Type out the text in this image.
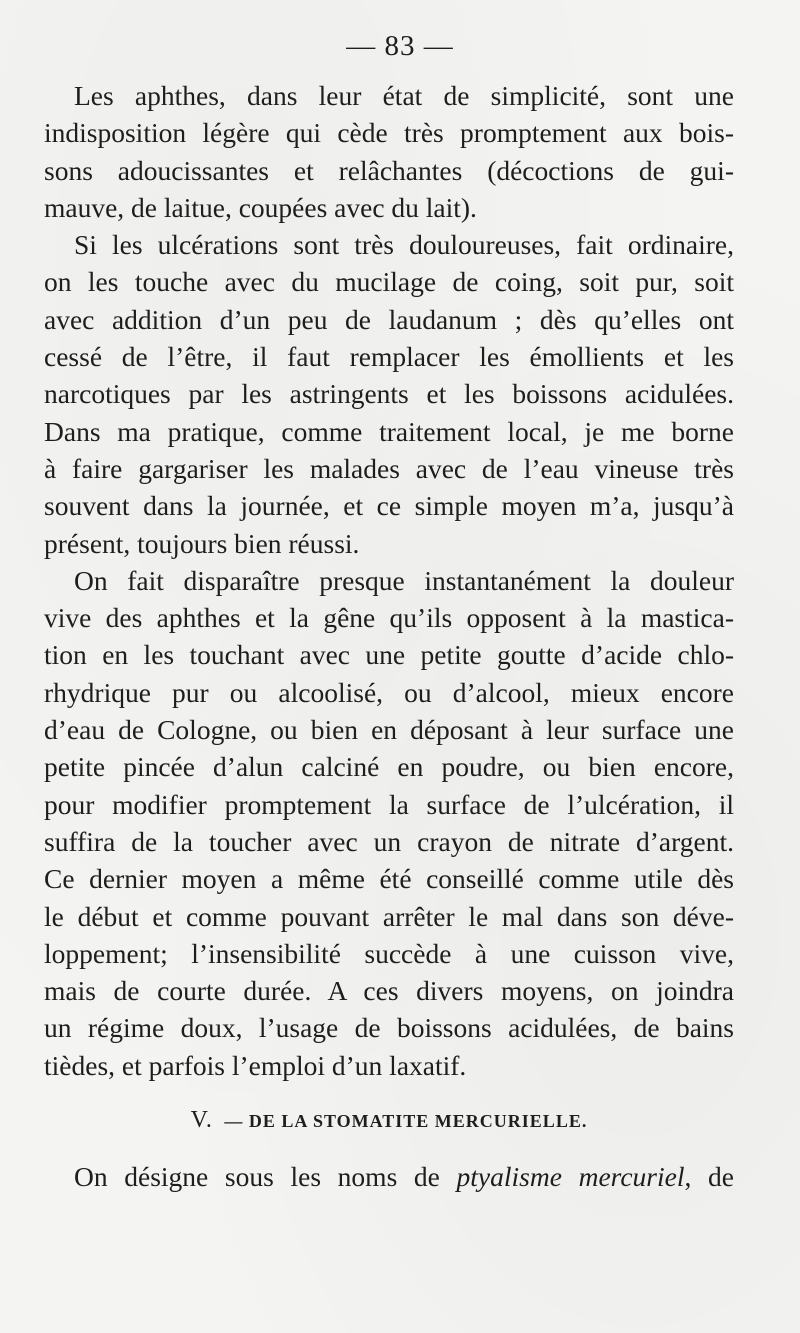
— 83 —
Les aphthes, dans leur état de simplicité, sont une
indisposition légère qui cède très promptement aux bois-
sons adoucissantes et relâchantes (décoctions de gui-
mauve, de laitue, coupées avec du lait).
Si les ulcérations sont très douloureuses, fait ordinaire,
on les touche avec du mucilage de coing, soit pur, soit
avec addition d’un peu de laudanum ; dès qu’elles ont
cessé de l’être, il faut remplacer les émollients et les
narcotiques par les astringents et les boissons acidulées.
Dans ma pratique, comme traitement local, je me borne
à faire gargariser les malades avec de l’eau vineuse très
souvent dans la journée, et ce simple moyen m’a, jusqu’à
présent, toujours bien réussi.
On fait disparaître presque instantanément la douleur
vive des aphthes et la gêne qu’ils opposent à la mastica-
tion en les touchant avec une petite goutte d’acide chlo-
rhydrique pur ou alcoolisé, ou d’alcool, mieux encore
d’eau de Cologne, ou bien en déposant à leur surface une
petite pincée d’alun calciné en poudre, ou bien encore,
pour modifier promptement la surface de l’ulcération, il
suffira de la toucher avec un crayon de nitrate d’argent.
Ce dernier moyen a même été conseillé comme utile dès
le début et comme pouvant arrêter le mal dans son déve-
loppement; l’insensibilité succède à une cuisson vive,
mais de courte durée. A ces divers moyens, on joindra
un régime doux, l’usage de boissons acidulées, de bains
tièdes, et parfois l’emploi d’un laxatif.
V. — DE LA STOMATITE MERCURIELLE.
On désigne sous les noms de ptyalisme mercuriel, de
